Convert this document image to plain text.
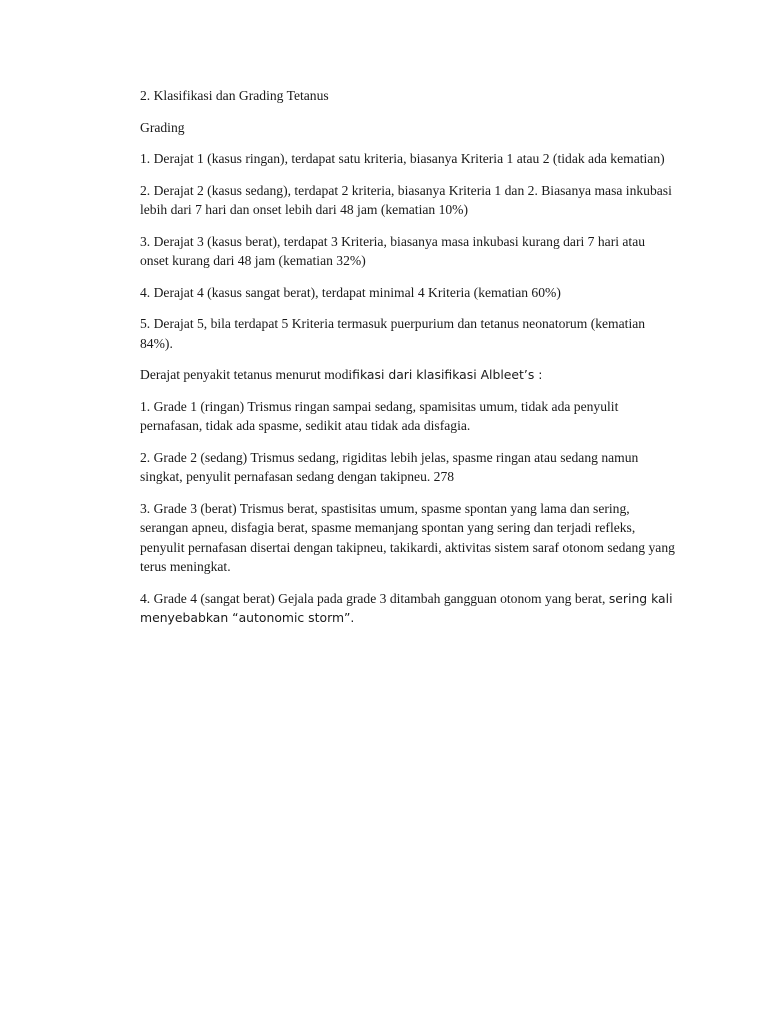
2. Klasifikasi dan Grading Tetanus

Grading

1. Derajat 1 (kasus ringan), terdapat satu kriteria, biasanya Kriteria 1 atau 2 (tidak ada kematian)

2. Derajat 2 (kasus sedang), terdapat 2 kriteria, biasanya Kriteria 1 dan 2. Biasanya masa inkubasi lebih dari 7 hari dan onset lebih dari 48 jam (kematian 10%)

3. Derajat 3 (kasus berat), terdapat 3 Kriteria, biasanya masa inkubasi kurang dari 7 hari atau onset kurang dari 48 jam (kematian 32%)

4. Derajat 4 (kasus sangat berat), terdapat minimal 4 Kriteria (kematian 60%)

5. Derajat 5, bila terdapat 5 Kriteria termasuk puerpurium dan tetanus neonatorum (kematian 84%).

Derajat penyakit tetanus menurut modifikasi dari klasifikasi Albleet’s :

1. Grade 1 (ringan) Trismus ringan sampai sedang, spamisitas umum, tidak ada penyulit pernafasan, tidak ada spasme, sedikit atau tidak ada disfagia.

2. Grade 2 (sedang) Trismus sedang, rigiditas lebih jelas, spasme ringan atau sedang namun singkat, penyulit pernafasan sedang dengan takipneu. 278

3. Grade 3 (berat) Trismus berat, spastisitas umum, spasme spontan yang lama dan sering, serangan apneu, disfagia berat, spasme memanjang spontan yang sering dan terjadi refleks, penyulit pernafasan disertai dengan takipneu, takikardi, aktivitas sistem saraf otonom sedang yang terus meningkat.

4. Grade 4 (sangat berat) Gejala pada grade 3 ditambah gangguan otonom yang berat, sering kali menyebabkan “autonomic storm”.
